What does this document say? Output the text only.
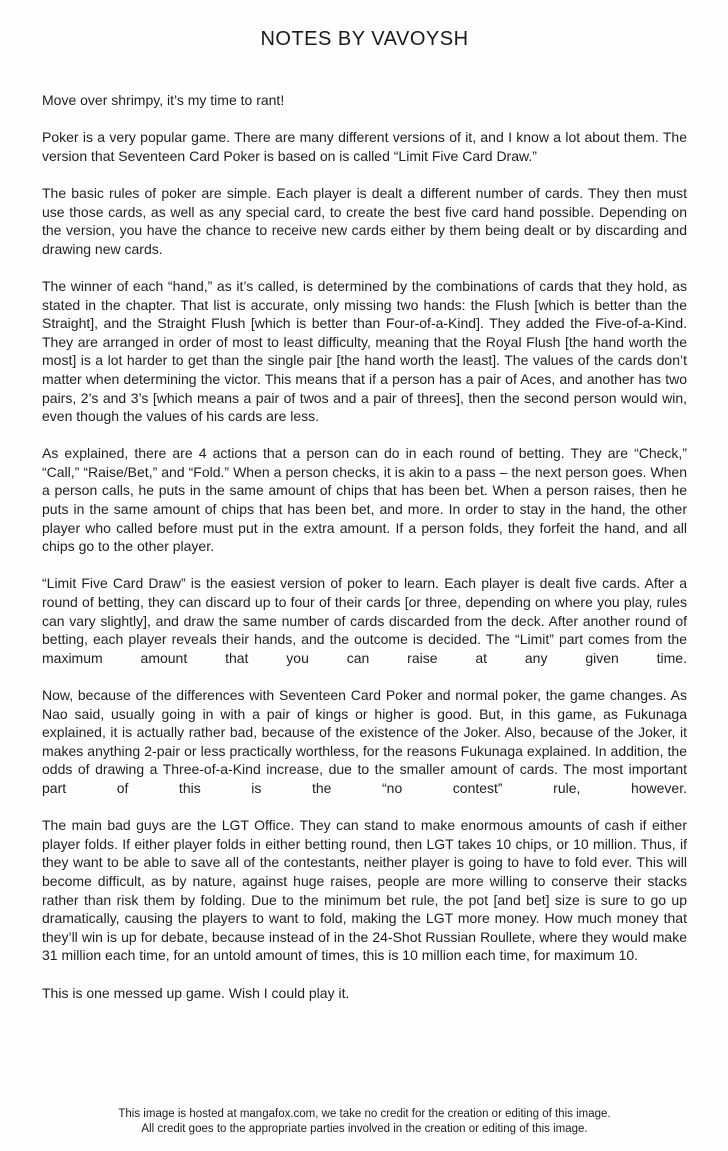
NOTES BY VAVOYSH

Move over shrimpy, it’s my time to rant!

Poker is a very popular game. There are many different versions of it, and I know a lot about them. The version that Seventeen Card Poker is based on is called “Limit Five Card Draw.”

The basic rules of poker are simple. Each player is dealt a different number of cards. They then must use those cards, as well as any special card, to create the best five card hand possible. Depending on the version, you have the chance to receive new cards either by them being dealt or by discarding and drawing new cards.

The winner of each “hand,” as it’s called, is determined by the combinations of cards that they hold, as stated in the chapter. That list is accurate, only missing two hands: the Flush [which is better than the Straight], and the Straight Flush [which is better than Four-of-a-Kind]. They added the Five-of-a-Kind. They are arranged in order of most to least difficulty, meaning that the Royal Flush [the hand worth the most] is a lot harder to get than the single pair [the hand worth the least]. The values of the cards don’t matter when determining the victor. This means that if a person has a pair of Aces, and another has two pairs, 2’s and 3’s [which means a pair of twos and a pair of threes], then the second person would win, even though the values of his cards are less.

As explained, there are 4 actions that a person can do in each round of betting. They are “Check,” “Call,” “Raise/Bet,” and “Fold.” When a person checks, it is akin to a pass – the next person goes. When a person calls, he puts in the same amount of chips that has been bet. When a person raises, then he puts in the same amount of chips that has been bet, and more. In order to stay in the hand, the other player who called before must put in the extra amount. If a person folds, they forfeit the hand, and all chips go to the other player.

“Limit Five Card Draw” is the easiest version of poker to learn. Each player is dealt five cards. After a round of betting, they can discard up to four of their cards [or three, depending on where you play, rules can vary slightly], and draw the same number of cards discarded from the deck. After another round of betting, each player reveals their hands, and the outcome is decided. The “Limit” part comes from the maximum amount that you can raise at any given time.

Now, because of the differences with Seventeen Card Poker and normal poker, the game changes. As Nao said, usually going in with a pair of kings or higher is good. But, in this game, as Fukunaga explained, it is actually rather bad, because of the existence of the Joker. Also, because of the Joker, it makes anything 2-pair or less practically worthless, for the reasons Fukunaga explained. In addition, the odds of drawing a Three-of-a-Kind increase, due to the smaller amount of cards. The most important part of this is the “no contest” rule, however.

The main bad guys are the LGT Office. They can stand to make enormous amounts of cash if either player folds. If either player folds in either betting round, then LGT takes 10 chips, or 10 million. Thus, if they want to be able to save all of the contestants, neither player is going to have to fold ever. This will become difficult, as by nature, against huge raises, people are more willing to conserve their stacks rather than risk them by folding. Due to the minimum bet rule, the pot [and bet] size is sure to go up dramatically, causing the players to want to fold, making the LGT more money. How much money that they’ll win is up for debate, because instead of in the 24-Shot Russian Roullete, where they would make 31 million each time, for an untold amount of times, this is 10 million each time, for maximum 10.

This is one messed up game. Wish I could play it.

This image is hosted at mangafox.com, we take no credit for the creation or editing of this image.
All credit goes to the appropriate parties involved in the creation or editing of this image.
